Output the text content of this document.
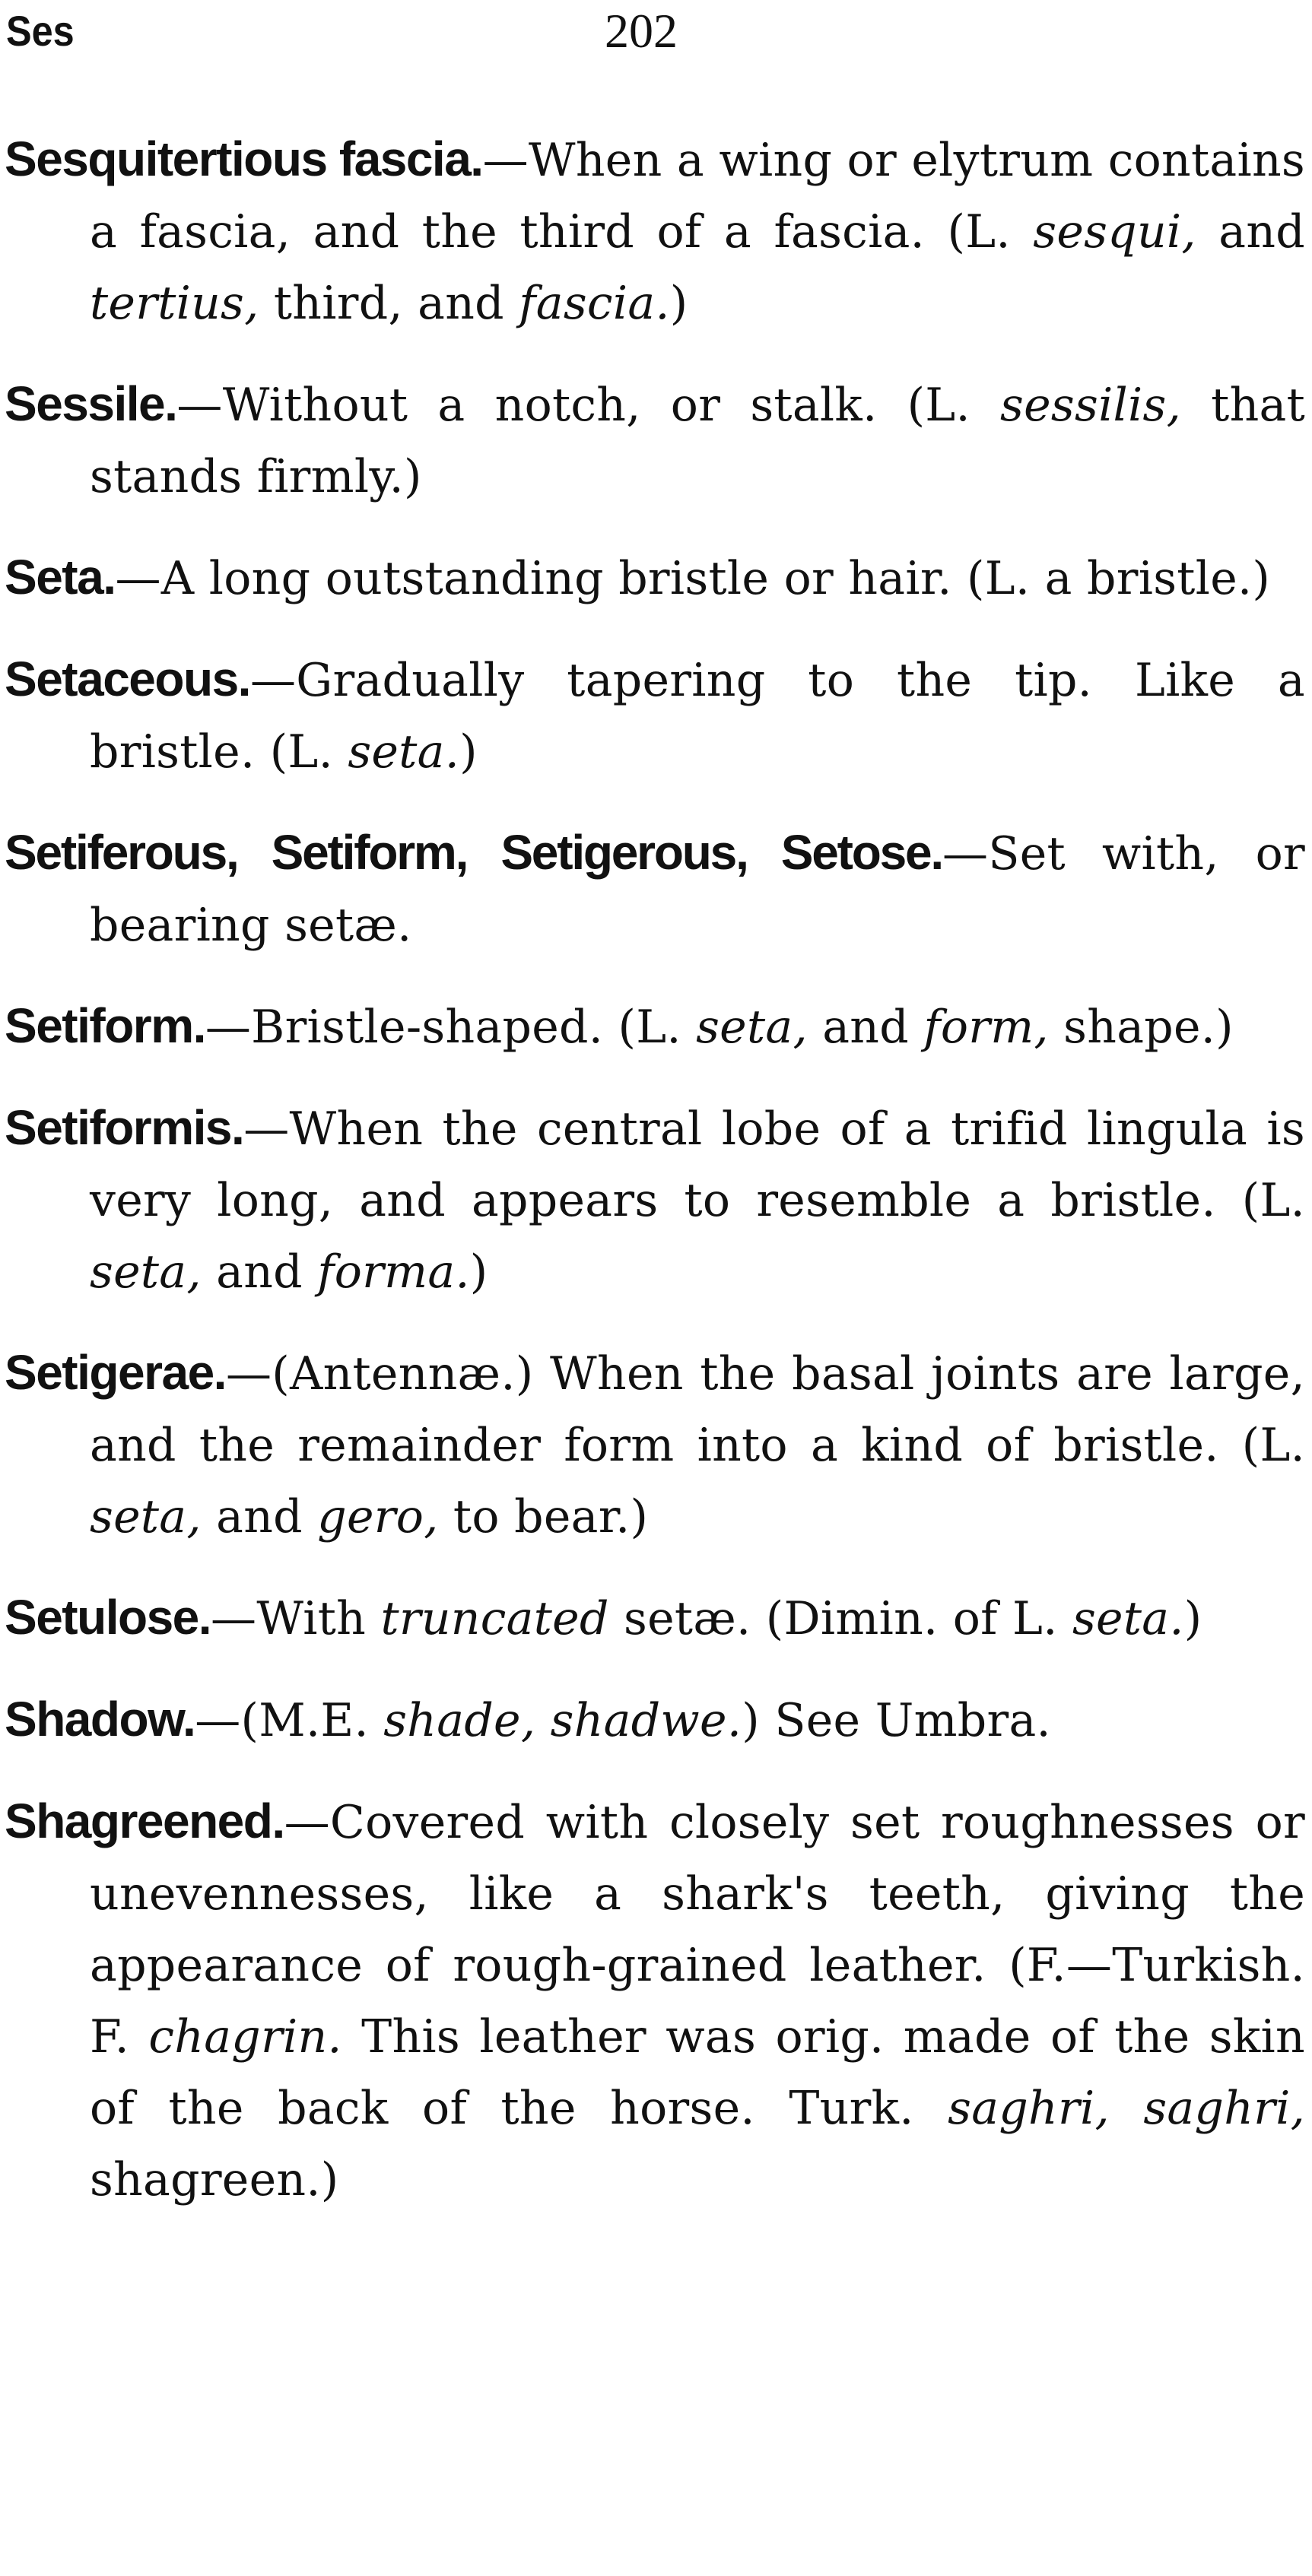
Ses	202

Sesquitertious fascia.—When a wing or elytrum contains a fascia, and the third of a fascia. (L. sesqui, and tertius, third, and fascia.)

Sessile.—Without a notch, or stalk. (L. sessilis, that stands firmly.)

Seta.—A long outstanding bristle or hair. (L. a bristle.)

Setaceous.—Gradually tapering to the tip. Like a bristle. (L. seta.)

Setiferous, Setiform, Setigerous, Setose.—Set with, or bearing setæ.

Setiform.—Bristle-shaped. (L. seta, and form, shape.)

Setiformis.—When the central lobe of a trifid lingula is very long, and appears to resemble a bristle. (L. seta, and forma.)

Setigerae.—(Antennæ.) When the basal joints are large, and the remainder form into a kind of bristle. (L. seta, and gero, to bear.)

Setulose.—With truncated setæ. (Dimin. of L. seta.)

Shadow.—(M.E. shade, shadwe.) See Umbra.

Shagreened.—Covered with closely set roughnesses or unevennesses, like a shark's teeth, giving the appearance of rough-grained leather. (F.—Turkish. F. chagrin. This leather was orig. made of the skin of the back of the horse. Turk. saghri, saghri, shagreen.)
